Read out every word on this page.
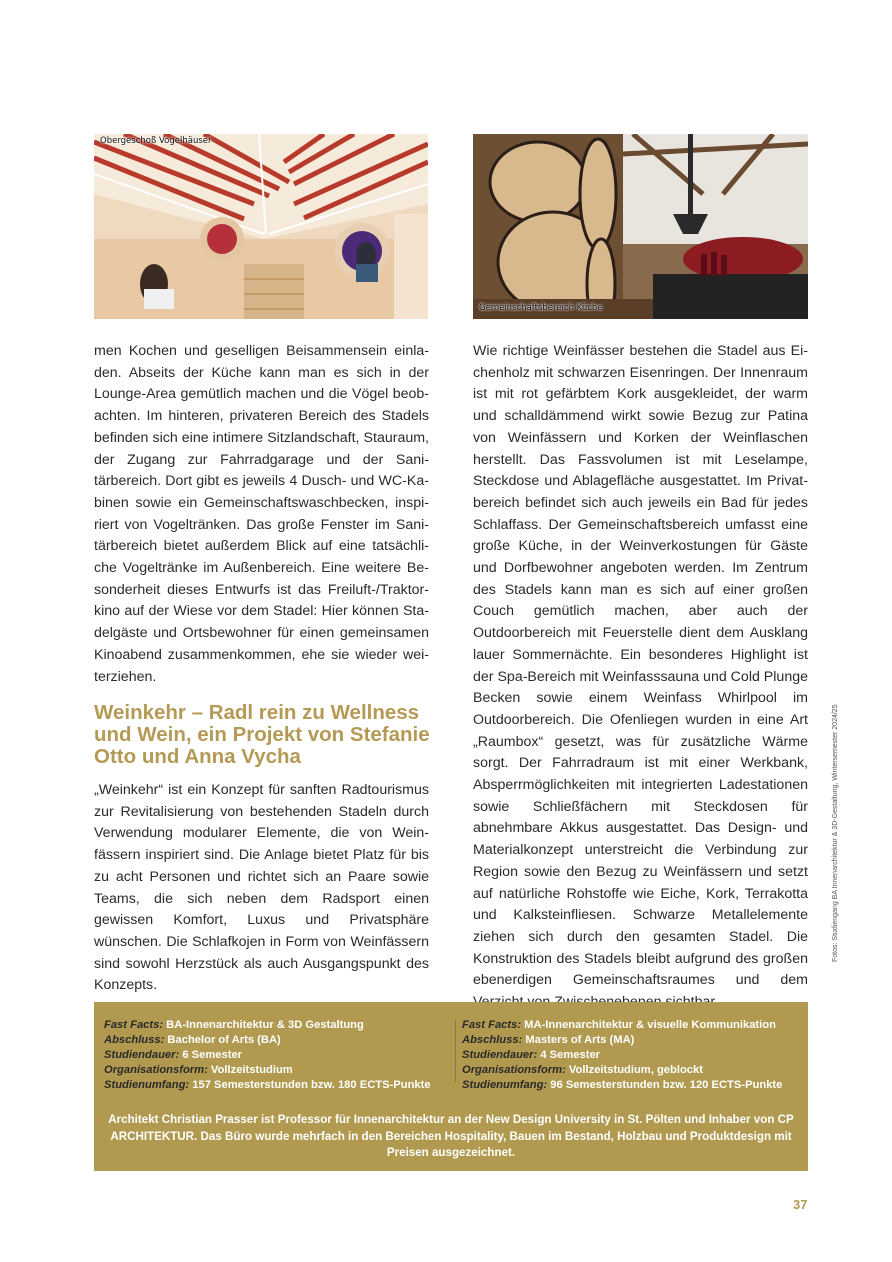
Obergeschoß Vogelhäuser
Gemeinschaftsbereich Küche

men Kochen und geselligen Beisammensein einladen. Abseits der Küche kann man es sich in der Lounge-Area gemütlich machen und die Vögel beobachten. Im hinteren, privateren Bereich des Stadels befinden sich eine intimere Sitzlandschaft, Stauraum, der Zugang zur Fahrradgarage und der Sanitärbereich. Dort gibt es jeweils 4 Dusch- und WC-Kabinen sowie ein Gemeinschaftswaschbecken, inspiriert von Vogeltränken. Das große Fenster im Sanitärbereich bietet außerdem Blick auf eine tatsächliche Vogeltränke im Außenbereich. Eine weitere Besonderheit dieses Entwurfs ist das Freiluft-/Traktorkino auf der Wiese vor dem Stadel: Hier können Stadelgäste und Ortsbewohner für einen gemeinsamen Kinoabend zusammenkommen, ehe sie wieder weiterziehen.

Weinkehr – Radl rein zu Wellness und Wein, ein Projekt von Stefanie Otto und Anna Vycha

„Weinkehr“ ist ein Konzept für sanften Radtourismus zur Revitalisierung von bestehenden Stadeln durch Verwendung modularer Elemente, die von Weinfässern inspiriert sind. Die Anlage bietet Platz für bis zu acht Personen und richtet sich an Paare sowie Teams, die sich neben dem Radsport einen gewissen Komfort, Luxus und Privatsphäre wünschen. Die Schlafkojen in Form von Weinfässern sind sowohl Herzstück als auch Ausgangspunkt des Konzepts.

Wie richtige Weinfässer bestehen die Stadel aus Eichenholz mit schwarzen Eisenringen. Der Innenraum ist mit rot gefärbtem Kork ausgekleidet, der warm und schalldämmend wirkt sowie Bezug zur Patina von Weinfässern und Korken der Weinflaschen herstellt. Das Fassvolumen ist mit Leselampe, Steckdose und Ablagefläche ausgestattet. Im Privatbereich befindet sich auch jeweils ein Bad für jedes Schlaffass. Der Gemeinschaftsbereich umfasst eine große Küche, in der Weinverkostungen für Gäste und Dorfbewohner angeboten werden. Im Zentrum des Stadels kann man es sich auf einer großen Couch gemütlich machen, aber auch der Outdoorbereich mit Feuerstelle dient dem Ausklang lauer Sommernächte. Ein besonderes Highlight ist der Spa-Bereich mit Weinfasssauna und Cold Plunge Becken sowie einem Weinfass Whirlpool im Outdoorbereich. Die Ofenliegen wurden in eine Art „Raumbox“ gesetzt, was für zusätzliche Wärme sorgt. Der Fahrradraum ist mit einer Werkbank, Absperrmöglichkeiten mit integrierten Ladestationen sowie Schließfächern mit Steckdosen für abnehmbare Akkus ausgestattet. Das Design- und Materialkonzept unterstreicht die Verbindung zur Region sowie den Bezug zu Weinfässern und setzt auf natürliche Rohstoffe wie Eiche, Kork, Terrakotta und Kalksteinfliesen. Schwarze Metallelemente ziehen sich durch den gesamten Stadel. Die Konstruktion des Stadels bleibt aufgrund des großen ebenerdigen Gemeinschaftsraumes und dem

Fotos: Studiengang BA Innenarchitektur & 3D-Gestaltung, Wintersemester 2024/25
Fast Facts: BA-Innenarchitektur & 3D Gestaltung
Abschluss: Bachelor of Arts (BA)
Studiendauer: 6 Semester
Organisationsform: Vollzeitstudium
Studienumfang: 157 Semesterstunden bzw. 180 ECTS-Punkte
Fast Facts: MA-Innenarchitektur & visuelle Kommunikation
Abschluss: Masters of Arts (MA)
Studiendauer: 4 Semester
Organisationsform: Vollzeitstudium, geblockt
Studienumfang: 96 Semesterstunden bzw. 120 ECTS-Punkte
Architekt Christian Prasser ist Professor für Innenarchitektur an der New Design University in St. Pölten und Inhaber von CP ARCHITEKTUR. Das Büro wurde mehrfach in den Bereichen Hospitality, Bauen im Bestand, Holzbau und Produktdesign mit Preisen ausgezeichnet.
37
